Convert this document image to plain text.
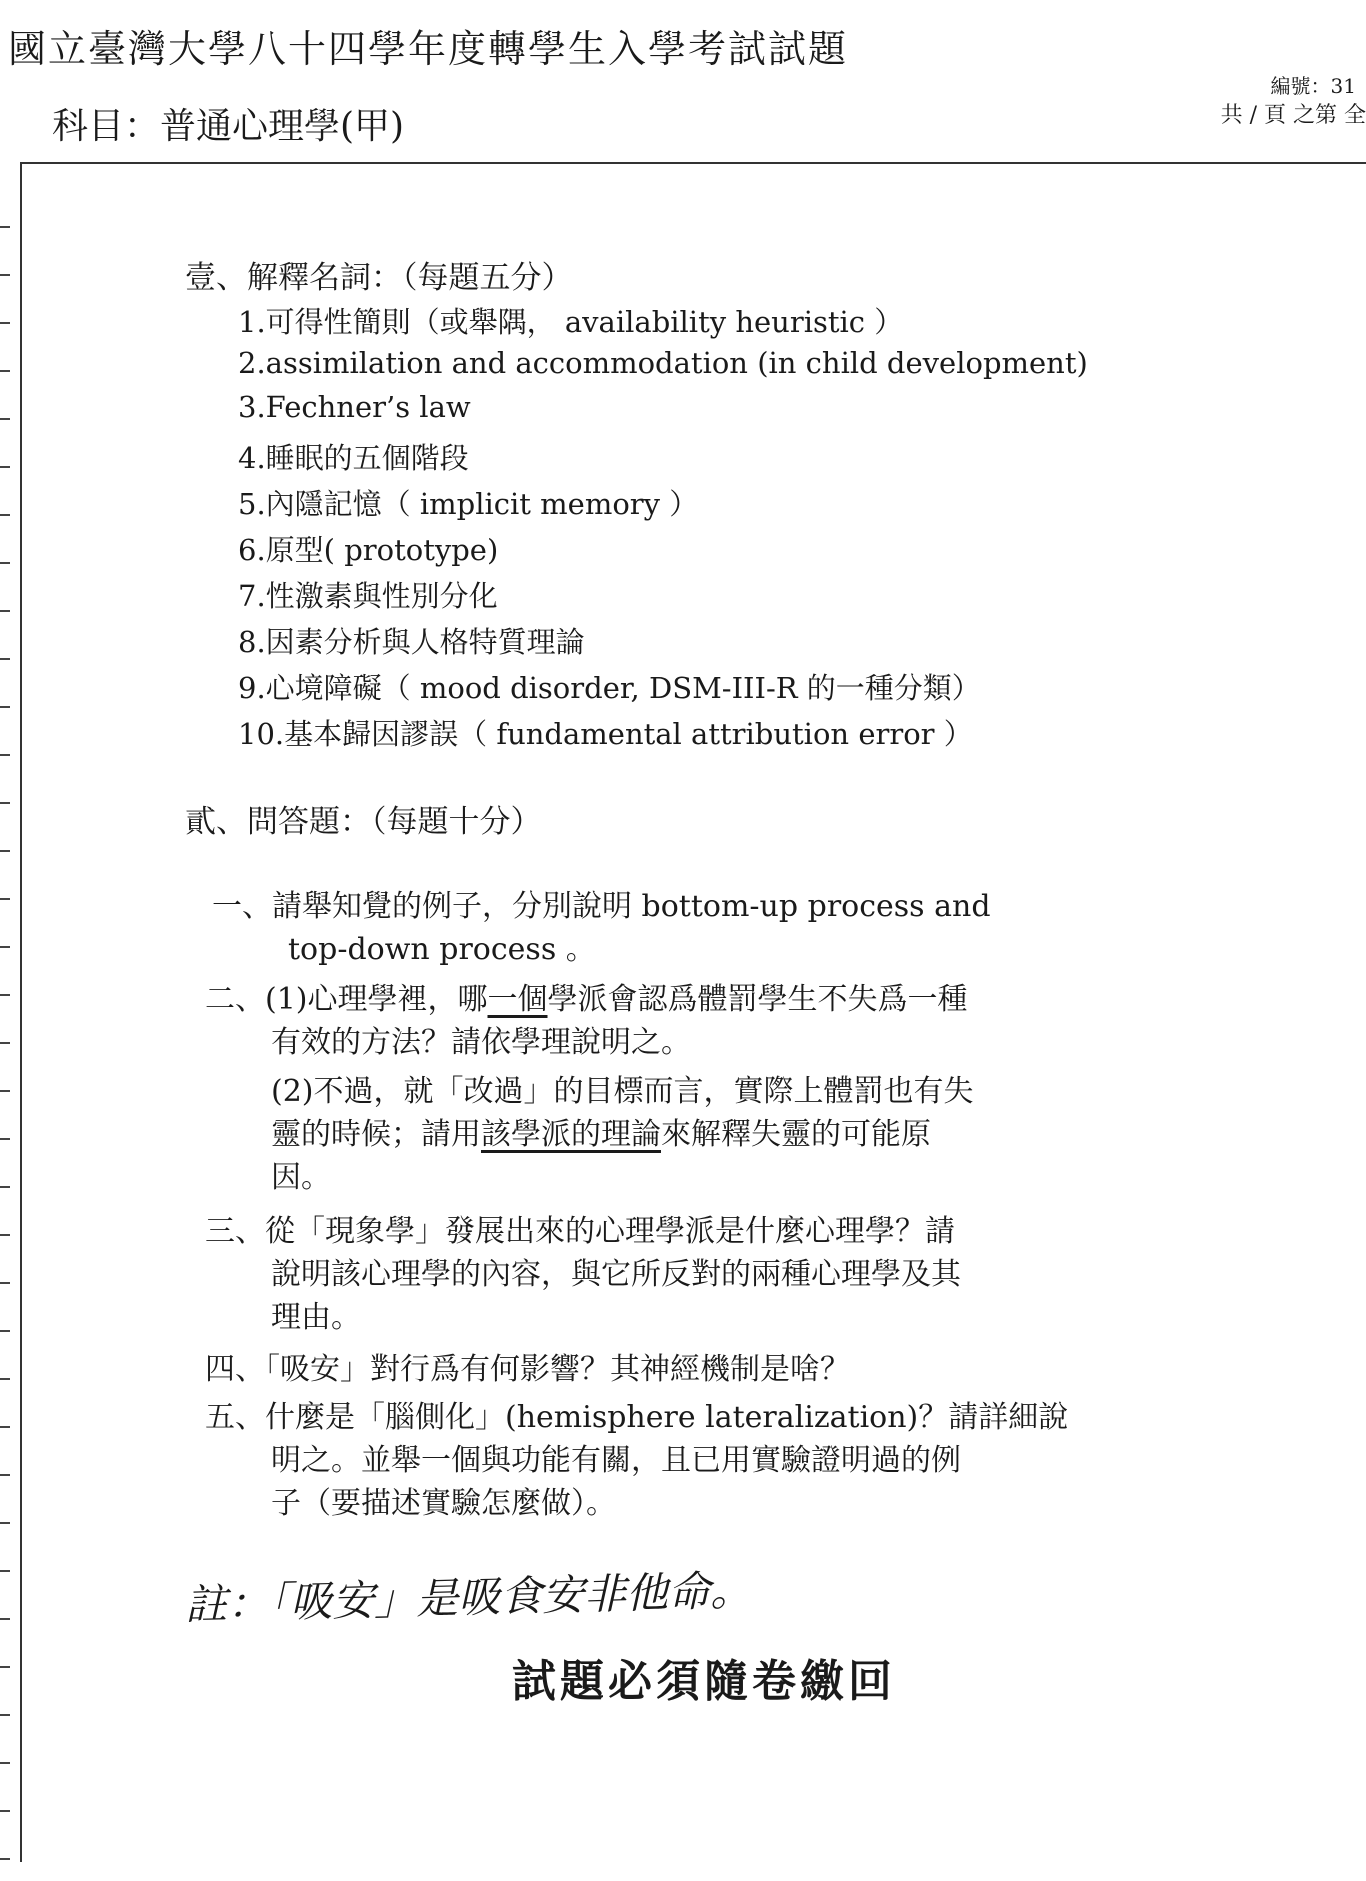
國立臺灣大學八十四學年度轉學生入學考試試題
科目：普通心理學(甲)
編號：31
共 / 頁 之第 全
壹、解釋名詞：（每題五分）
1.可得性簡則（或舉隅， availability heuristic ）
2.assimilation and accommodation (in child development)
3.Fechner’s law
4.睡眠的五個階段
5.內隱記憶（ implicit memory ）
6.原型( prototype)
7.性激素與性別分化
8.因素分析與人格特質理論
9.心境障礙（ mood disorder, DSM-III-R 的一種分類）
10.基本歸因謬誤（ fundamental attribution error ）
貳、問答題：（每題十分）
一、請舉知覺的例子，分別說明 bottom-up process and
top-down process 。
二、(1)心理學裡，哪一個學派會認爲體罰學生不失爲一種
有效的方法？請依學理說明之。
(2)不過，就「改過」的目標而言，實際上體罰也有失
靈的時候；請用該學派的理論來解釋失靈的可能原
因。
三、從「現象學」發展出來的心理學派是什麼心理學？請
說明該心理學的內容，與它所反對的兩種心理學及其
理由。
四、「吸安」對行爲有何影響？其神經機制是啥？
五、什麼是「腦側化」(hemisphere lateralization)？請詳細說
明之。並舉一個與功能有關，且已用實驗證明過的例
子（要描述實驗怎麼做）。
註：「吸安」是吸食安非他命。
試題必須隨卷繳回
